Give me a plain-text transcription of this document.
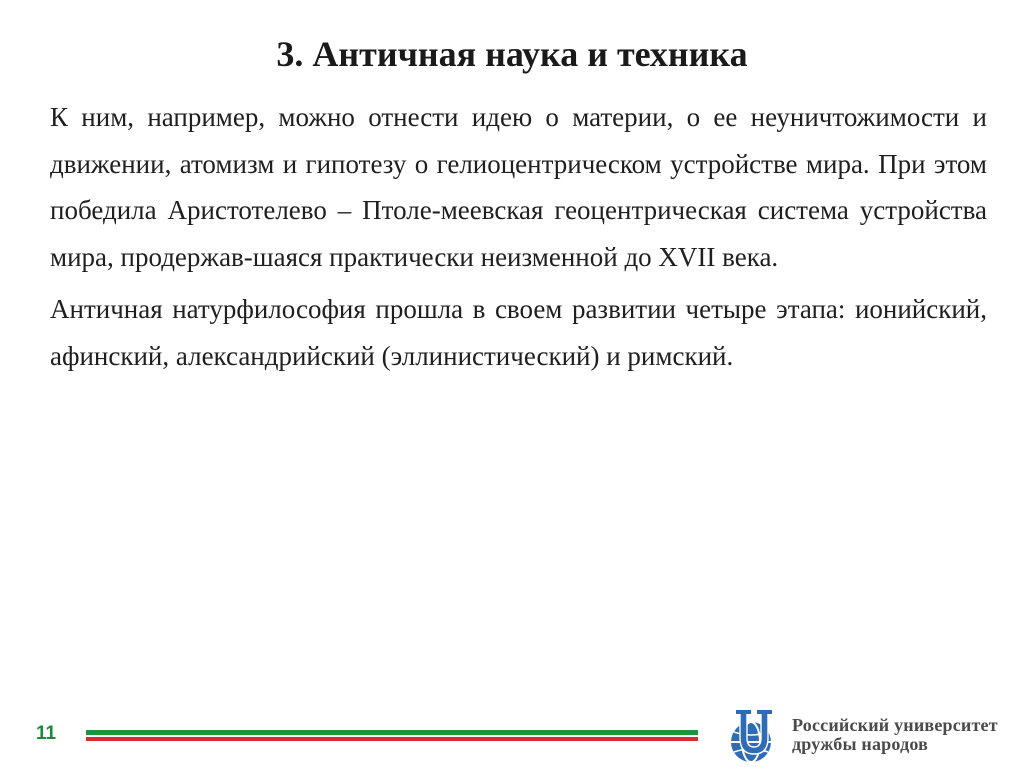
3. Античная наука и техника

К ним, например, можно отнести идею о материи, о ее неуничтожимости и движении, атомизм и гипотезу о гелиоцентрическом устройстве мира. При этом победила Аристотелево – Птоле-меевская геоцентрическая система устройства мира, продержав-шаяся практически неизменной до XVII века.

Античная натурфилософия прошла в своем развитии четыре этапа: ионийский, афинский, александрийский (эллинистический) и римский.

11	Российский университет
дружбы народов
